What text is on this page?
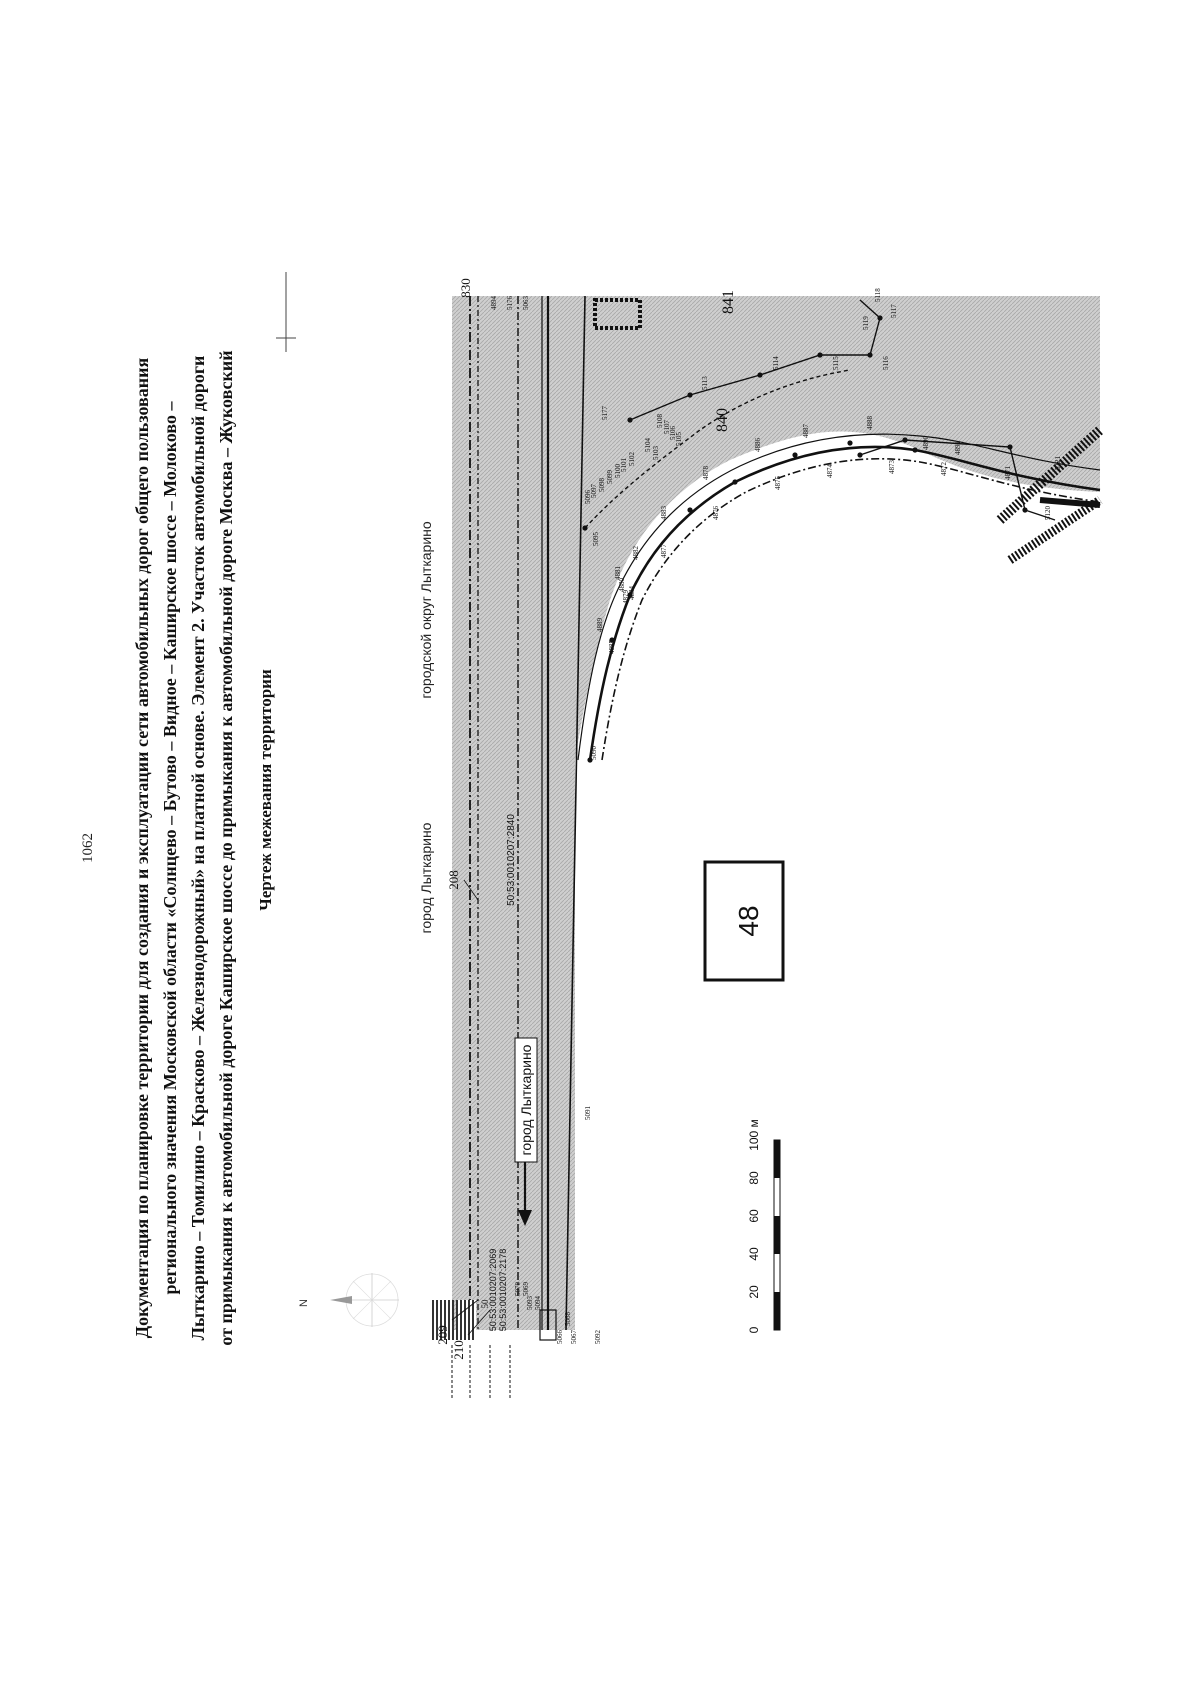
1062 Документация по планировке территории для создания и эксплуатации сети автомобильных дорог общего пользования регионального значения Московской области «Солнцево – Бутово – Видное – Каширское шоссе – Молоково – Лыткарино – Томилино – Красково – Железнодорожный» на платной основе. Элемент 2. Участок автомобильной дороги от примыкания к автомобильной дороге Каширское шоссе до примыкания к автомобильной дороге Москва – Жуковский Чертеж межевания территории	город Лыткарино
городской округ Лыткарино
город Лыткарино
50:53:0010207:2840
50:53:0010207:2069 50:53:0010207:2178
830
208
209
210
840
841
50
5177
5108 5107
5106
5105
5104
5103
5102
5101
5100
5099
5098
5097
5096
5095
5113
5114	5115	5116
5117
5118
5119
5120
5121
4889
4883
4882
4881
4880
4879
4878
4886
4887
4888
4890	4891
4885
4884
4877
4876
4875
4874	4873	4872	4871
5070 5069
5068
5067
5066	5092
5091
5090
5093 5094
4894 5176 5063
48
N
0
20
40
60
80
100 м
